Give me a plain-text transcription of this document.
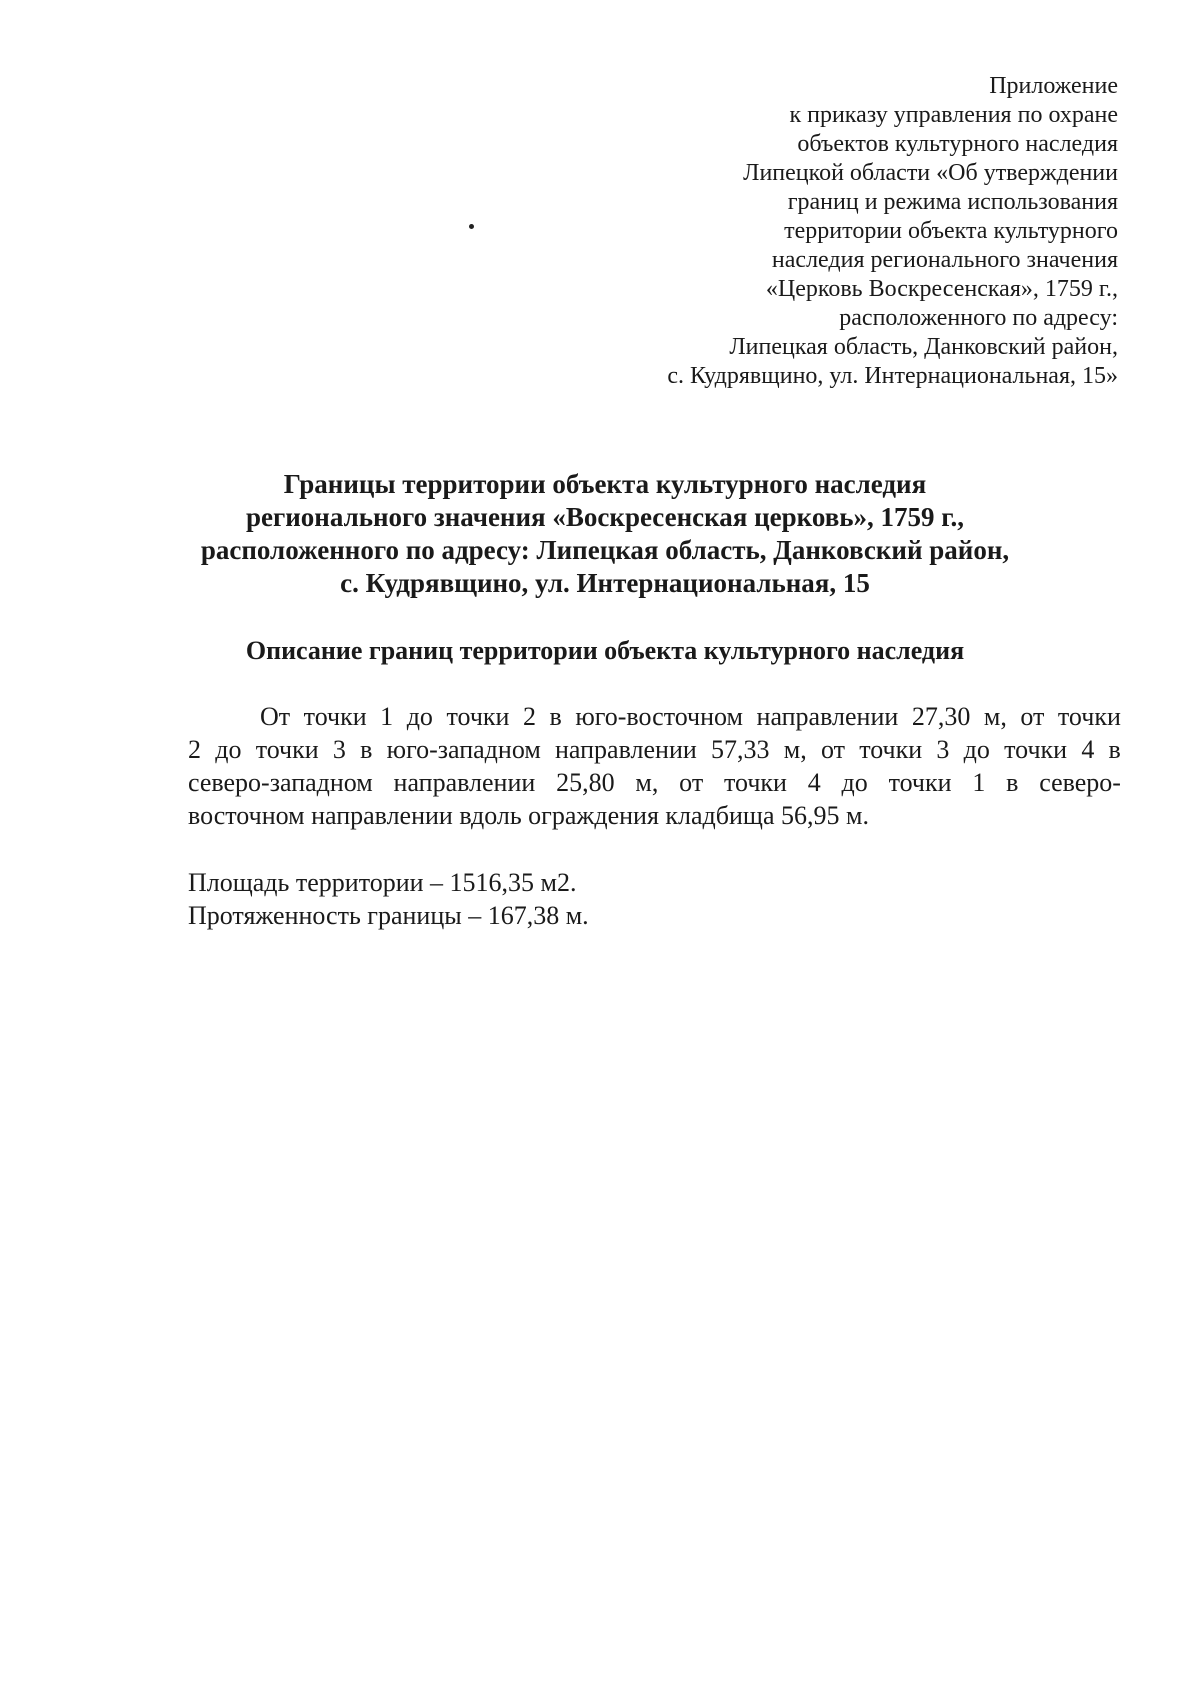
Приложение
к приказу управления по охране
объектов культурного наследия
Липецкой области «Об утверждении
границ и режима использования
территории объекта культурного
наследия регионального значения
«Церковь Воскресенская», 1759 г.,
расположенного по адресу:
Липецкая область, Данковский район,
с. Кудрявщино, ул. Интернациональная, 15»
Границы территории объекта культурного наследия
регионального значения «Воскресенская церковь», 1759 г.,
расположенного по адресу: Липецкая область, Данковский район,
с. Кудрявщино, ул. Интернациональная, 15
Описание границ территории объекта культурного наследия
От точки 1 до точки 2 в юго-восточном направлении 27,30 м, от точки
2 до точки 3 в юго-западном направлении 57,33 м, от точки 3 до точки 4 в
северо-западном направлении 25,80 м, от точки 4 до точки 1 в северо-
восточном направлении вдоль ограждения кладбища 56,95 м.
Площадь территории – 1516,35 м2.
Протяженность границы – 167,38 м.
